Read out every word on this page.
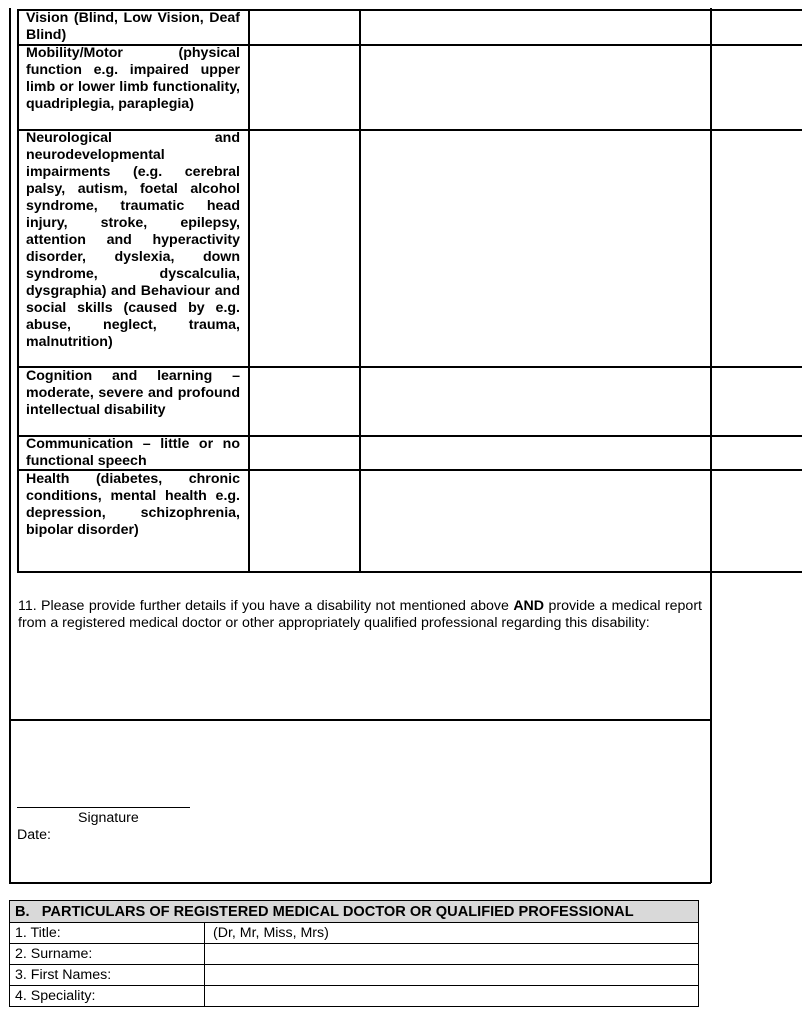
Vision (Blind, Low Vision, Deaf Blind)
Mobility/Motor (physical function e.g. impaired upper limb or lower limb functionality, quadriplegia, paraplegia)
Neurological and neurodevelopmental impairments (e.g. cerebral palsy, autism, foetal alcohol syndrome, traumatic head injury, stroke, epilepsy, attention and hyperactivity disorder, dyslexia, down syndrome, dyscalculia, dysgraphia) and Behaviour and social skills (caused by e.g. abuse, neglect, trauma, malnutrition)
Cognition and learning – moderate, severe and profound intellectual disability
Communication – little or no functional speech
Health (diabetes, chronic conditions, mental health e.g. depression, schizophrenia, bipolar disorder)
11. Please provide further details if you have a disability not mentioned above AND provide a medical report from a registered medical doctor or other appropriately qualified professional regarding this disability:
Signature
Date:
B.   PARTICULARS OF REGISTERED MEDICAL DOCTOR OR QUALIFIED PROFESSIONAL	
1. Title:	(Dr, Mr, Miss, Mrs)
2. Surname:	
3. First Names:	
4. Speciality:	
